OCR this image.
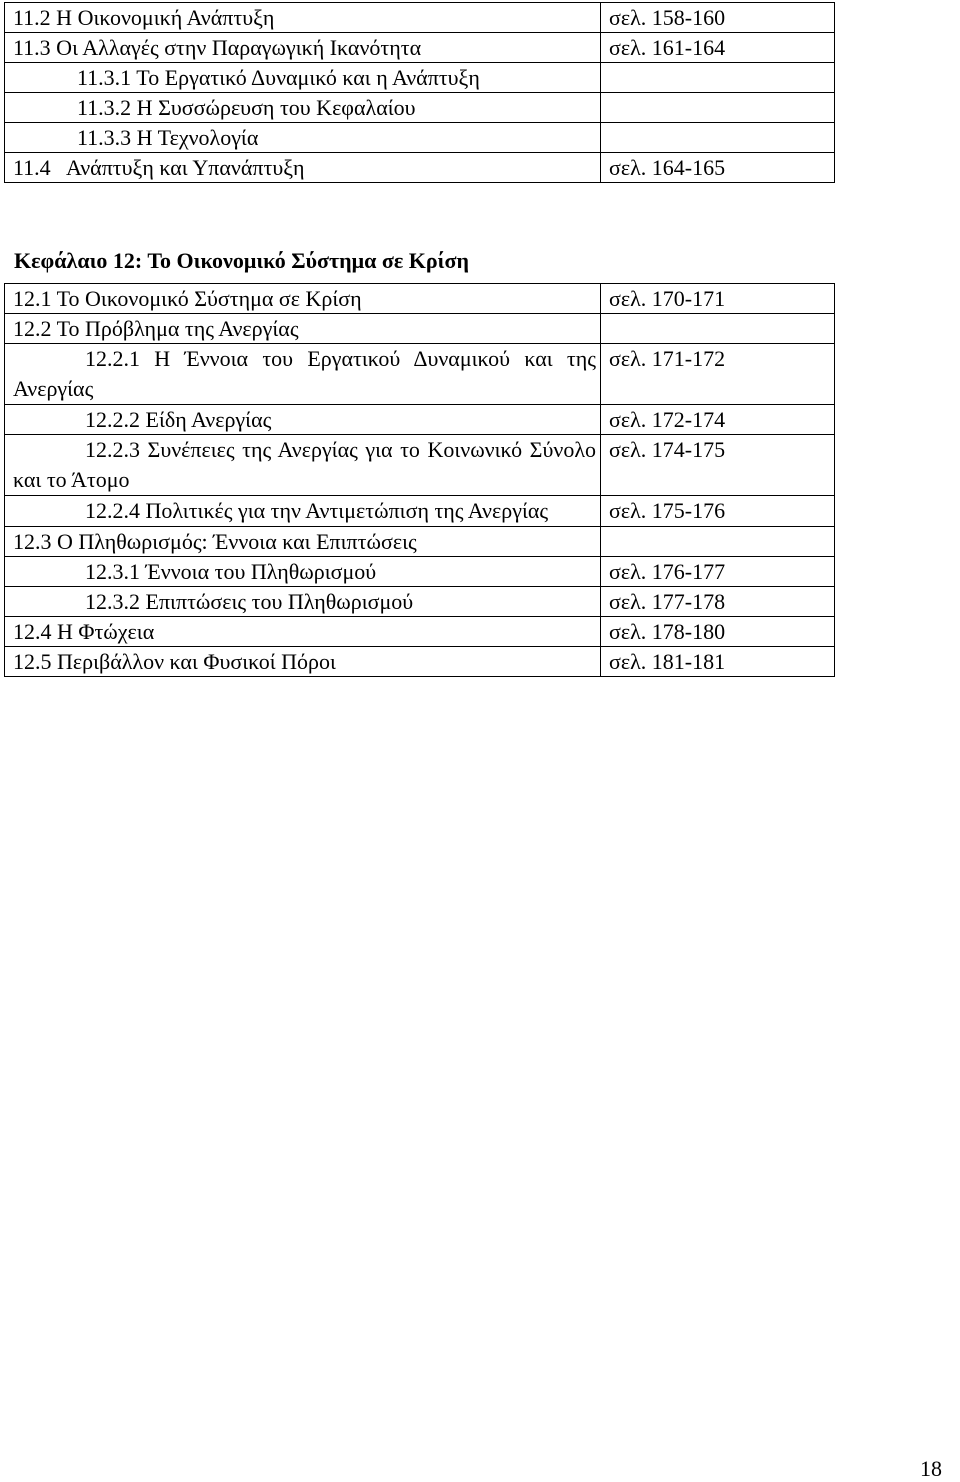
11.2 Η Οικονομική Ανάπτυξη	σελ. 158-160
11.3 Οι Αλλαγές στην Παραγωγική Ικανότητα	σελ. 161-164
11.3.1 Το Εργατικό Δυναμικό και η Ανάπτυξη	
11.3.2 Η Συσσώρευση του Κεφαλαίου	
11.3.3 Η Τεχνολογία	
11.4   Ανάπτυξη και Υπανάπτυξη	σελ. 164-165
Κεφάλαιο 12: Το Οικονομικό Σύστημα σε Κρίση
12.1 Το Οικονομικό Σύστημα σε Κρίση	σελ. 170-171
12.2 Το Πρόβλημα της Ανεργίας	
12.2.1 Η Έννοια του Εργατικού Δυναμικού και της Ανεργίας	σελ. 171-172
12.2.2 Είδη Ανεργίας	σελ. 172-174
12.2.3 Συνέπειες της Ανεργίας για το Κοινωνικό Σύνολο και το Άτομο	σελ. 174-175
12.2.4 Πολιτικές για την Αντιμετώπιση της Ανεργίας	σελ. 175-176
12.3 Ο Πληθωρισμός: Έννοια και Επιπτώσεις	
12.3.1 Έννοια του Πληθωρισμού	σελ. 176-177
12.3.2 Επιπτώσεις του Πληθωρισμού	σελ. 177-178
12.4 Η Φτώχεια	σελ. 178-180
12.5 Περιβάλλον και Φυσικοί Πόροι	σελ. 181-181
18
